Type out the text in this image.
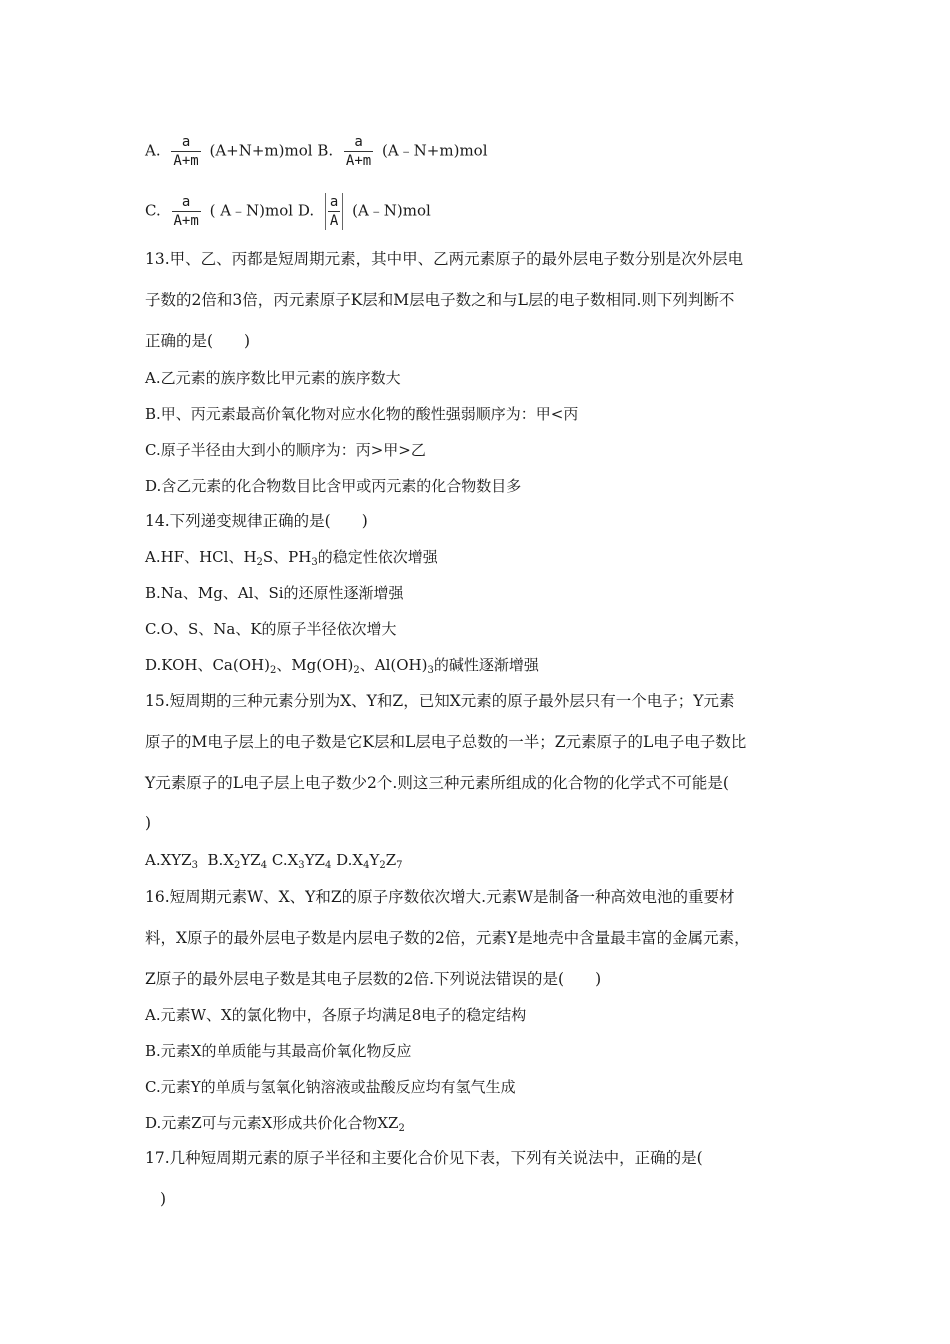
A. $\frac{a}{A+m} (A+N+m)mol$ B. $\frac{a}{A+m}$ (A﹣N+m)mol
C. $\frac{a}{A+m}$ ( A﹣N)mol D. $\frac{a}{A}$ (A﹣N)mol
13.甲、乙、丙都是短周期元素，其中甲、乙两元素原子的最外层电子数分别是次外层电
子数的2倍和3倍，丙元素原子K层和M层电子数之和与L层的电子数相同.则下列判断不
正确的是(　　)
A.乙元素的族序数比甲元素的族序数大
B.甲、丙元素最高价氧化物对应水化物的酸性强弱顺序为：甲<丙
C.原子半径由大到小的顺序为：丙>甲>乙
D.含乙元素的化合物数目比含甲或丙元素的化合物数目多
14.下列递变规律正确的是(　　)
A.HF、HCl、$H_2S$、$PH_3$的稳定性依次增强
B.Na、Mg、Al、Si的还原性逐渐增强
C.O、S、Na、K的原子半径依次增大
D.KOH、$Ca(OH)_2$、$Mg(OH)_2$、$Al(OH)_3$的碱性逐渐增强
15.短周期的三种元素分别为X、Y和Z，已知X元素的原子最外层只有一个电子；Y元素
原子的M电子层上的电子数是它K层和L层电子总数的一半；Z元素原子的L电子电子数比
Y元素原子的L电子层上电子数少2个.则这三种元素所组成的化合物的化学式不可能是(
)
$A.XYZ_3$ $B.X_2YZ_4$ $C.X_3YZ_4$ $D.X_4Y_2Z_7$
16.短周期元素W、X、Y和Z的原子序数依次增大.元素W是制备一种高效电池的重要材
料，X原子的最外层电子数是内层电子数的2倍，元素Y是地壳中含量最丰富的金属元素，
Z原子的最外层电子数是其电子层数的2倍.下列说法错误的是(　　)
A.元素W、X的氯化物中，各原子均满足8电子的稳定结构
B.元素X的单质能与其最高价氧化物反应
C.元素Y的单质与氢氧化钠溶液或盐酸反应均有氢气生成
D.元素Z可与元素X形成共价化合物$XZ_2$
17.几种短周期元素的原子半径和主要化合价见下表，下列有关说法中，正确的是(
)
